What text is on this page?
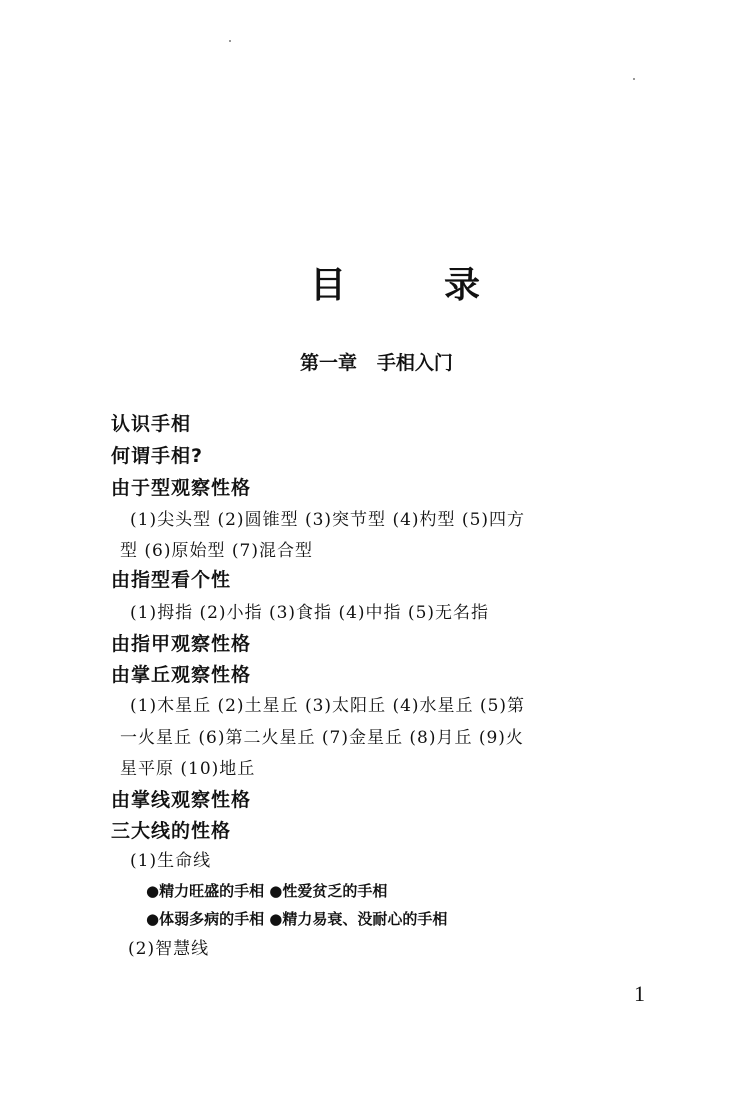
目	录
第一章 手相入门
认识手相
何谓手相?
由于型观察性格
(1)尖头型 (2)圆锥型 (3)突节型 (4)杓型 (5)四方
型 (6)原始型 (7)混合型
由指型看个性
(1)拇指 (2)小指 (3)食指 (4)中指 (5)无名指
由指甲观察性格
由掌丘观察性格
(1)木星丘 (2)土星丘 (3)太阳丘 (4)水星丘 (5)第
一火星丘 (6)第二火星丘 (7)金星丘 (8)月丘 (9)火
星平原 (10)地丘
由掌线观察性格
三大线的性格
(1)生命线
●精力旺盛的手相 ●性爱贫乏的手相
●体弱多病的手相 ●精力易衰、没耐心的手相
(2)智慧线
1
